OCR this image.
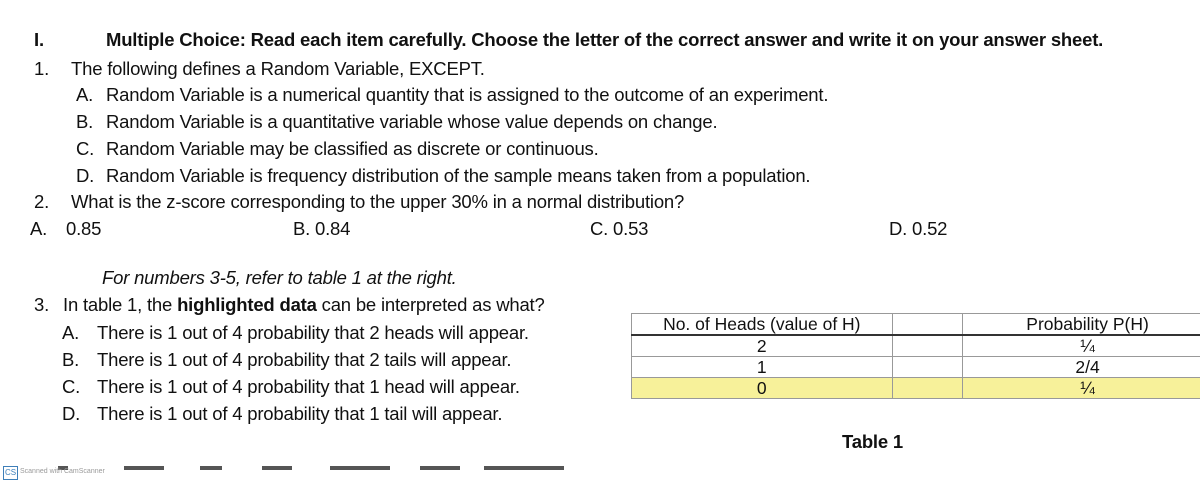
I.	Multiple Choice: Read each item carefully. Choose the letter of the correct answer and write it on your answer sheet.
1. The following defines a Random Variable, EXCEPT.
A. Random Variable is a numerical quantity that is assigned to the outcome of an experiment.
B. Random Variable is a quantitative variable whose value depends on change.
C. Random Variable may be classified as discrete or continuous.
D. Random Variable is frequency distribution of the sample means taken from a population.
2. What is the z-score corresponding to the upper 30% in a normal distribution?
A. 0.85	B. 0.84	C. 0.53	D. 0.52
For numbers 3-5, refer to table 1 at the right.
3. In table 1, the highlighted data can be interpreted as what?
A. There is 1 out of 4 probability that 2 heads will appear.
B. There is 1 out of 4 probability that 2 tails will appear.
C. There is 1 out of 4 probability that 1 head will appear.
D. There is 1 out of 4 probability that 1 tail will appear.
No. of Heads (value of H)		Probability P(H)
2		¼
1		2/4
0		¼
Table 1
CS Scanned with CamScanner
